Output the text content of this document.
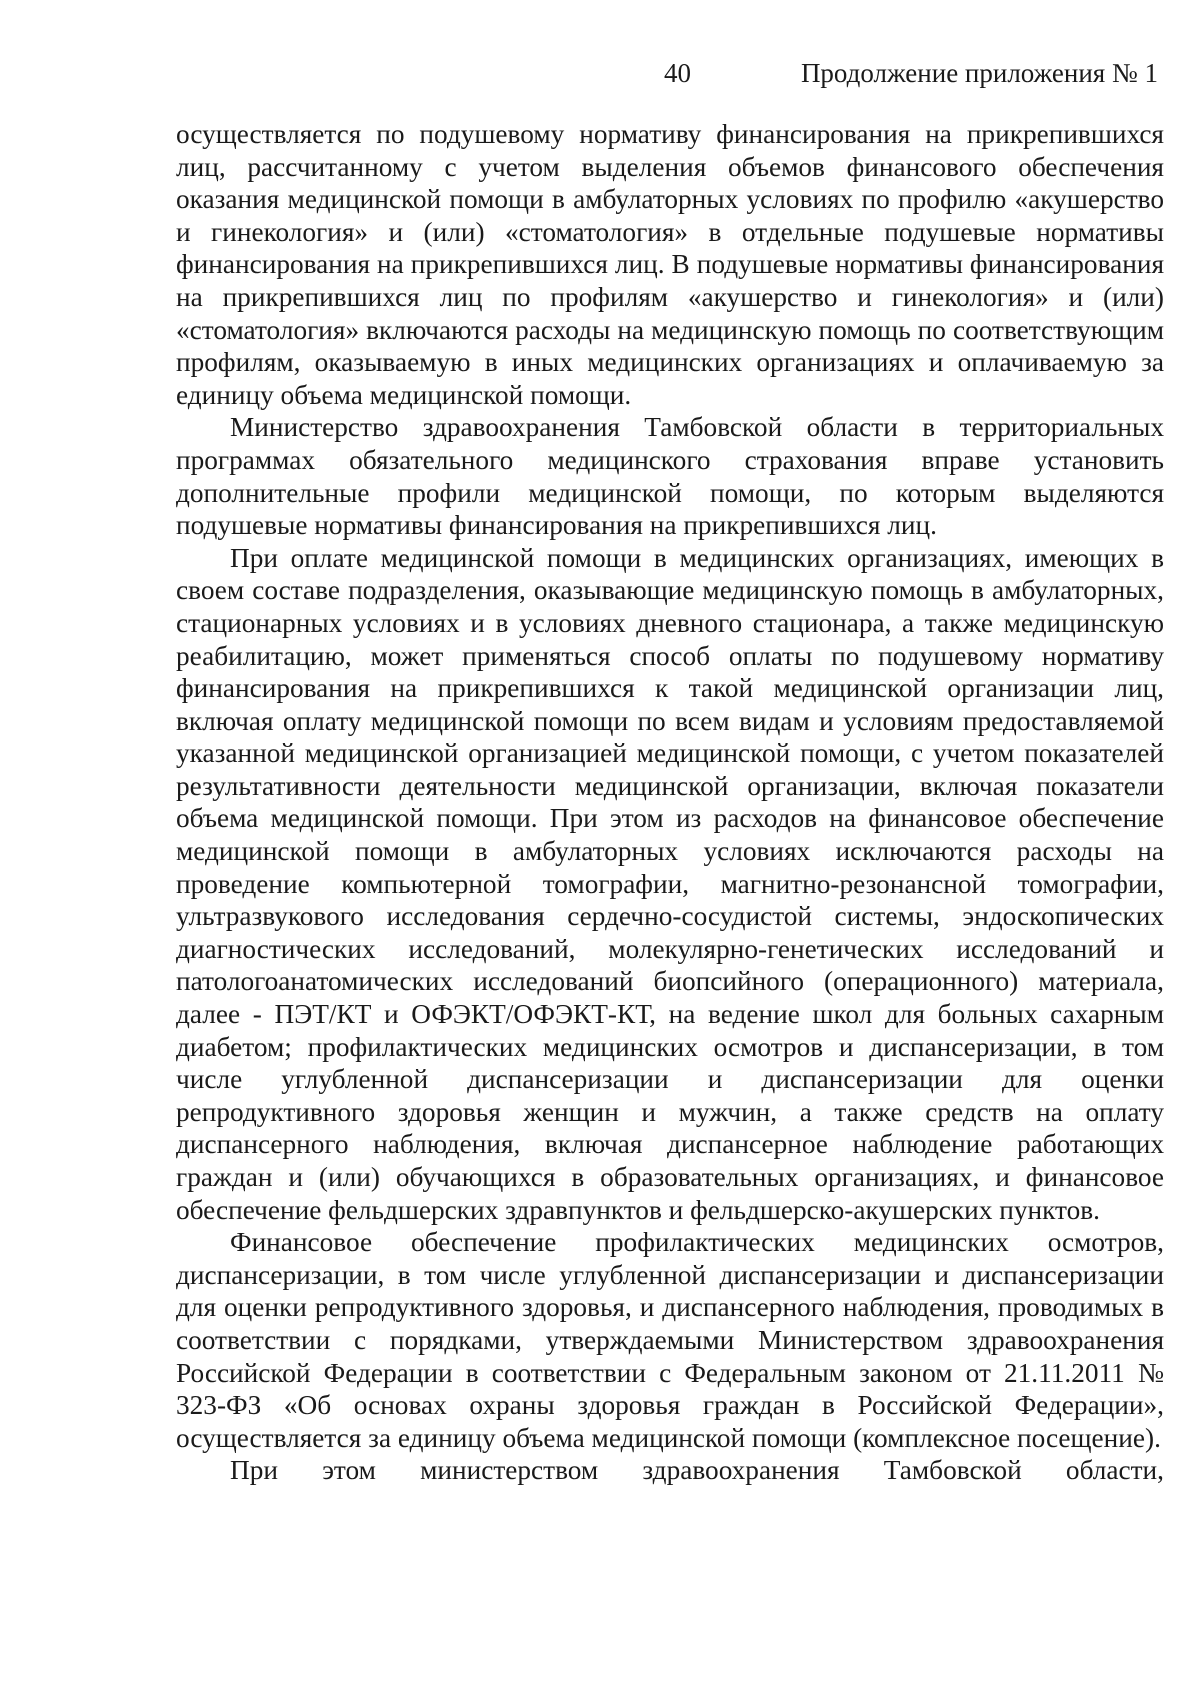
40	Продолжение приложения № 1

осуществляется по подушевому нормативу финансирования на прикрепившихся лиц, рассчитанному с учетом выделения объемов финансового обеспечения оказания медицинской помощи в амбулаторных условиях по профилю «акушерство и гинекология» и (или) «стоматология» в отдельные подушевые нормативы финансирования на прикрепившихся лиц. В подушевые нормативы финансирования на прикрепившихся лиц по профилям «акушерство и гинекология» и (или) «стоматология» включаются расходы на медицинскую помощь по соответствующим профилям, оказываемую в иных медицинских организациях и оплачиваемую за единицу объема медицинской помощи.

Министерство здравоохранения Тамбовской области в территориальных программах обязательного медицинского страхования вправе установить дополнительные профили медицинской помощи, по которым выделяются подушевые нормативы финансирования на прикрепившихся лиц.

При оплате медицинской помощи в медицинских организациях, имеющих в своем составе подразделения, оказывающие медицинскую помощь в амбулаторных, стационарных условиях и в условиях дневного стационара, а также медицинскую реабилитацию, может применяться способ оплаты по подушевому нормативу финансирования на прикрепившихся к такой медицинской организации лиц, включая оплату медицинской помощи по всем видам и условиям предоставляемой указанной медицинской организацией медицинской помощи, с учетом показателей результативности деятельности медицинской организации, включая показатели объема медицинской помощи. При этом из расходов на финансовое обеспечение медицинской помощи в амбулаторных условиях исключаются расходы на проведение компьютерной томографии, магнитно-резонансной томографии, ультразвукового исследования сердечно-сосудистой системы, эндоскопических диагностических исследований, молекулярно-генетических исследований и патологоанатомических исследований биопсийного (операционного) материала, далее - ПЭТ/КТ и ОФЭКТ/ОФЭКТ-КТ, на ведение школ для больных сахарным диабетом; профилактических медицинских осмотров и диспансеризации, в том числе углубленной диспансеризации и диспансеризации для оценки репродуктивного здоровья женщин и мужчин, а также средств на оплату диспансерного наблюдения, включая диспансерное наблюдение работающих граждан и (или) обучающихся в образовательных организациях, и финансовое обеспечение фельдшерских здравпунктов и фельдшерско-акушерских пунктов.

Финансовое обеспечение профилактических медицинских осмотров, диспансеризации, в том числе углубленной диспансеризации и диспансеризации для оценки репродуктивного здоровья, и диспансерного наблюдения, проводимых в соответствии с порядками, утверждаемыми Министерством здравоохранения Российской Федерации в соответствии с Федеральным законом от 21.11.2011 № 323-ФЗ «Об основах охраны здоровья граждан в Российской Федерации», осуществляется за единицу объема медицинской помощи (комплексное посещение).

При этом министерством здравоохранения Тамбовской области,
